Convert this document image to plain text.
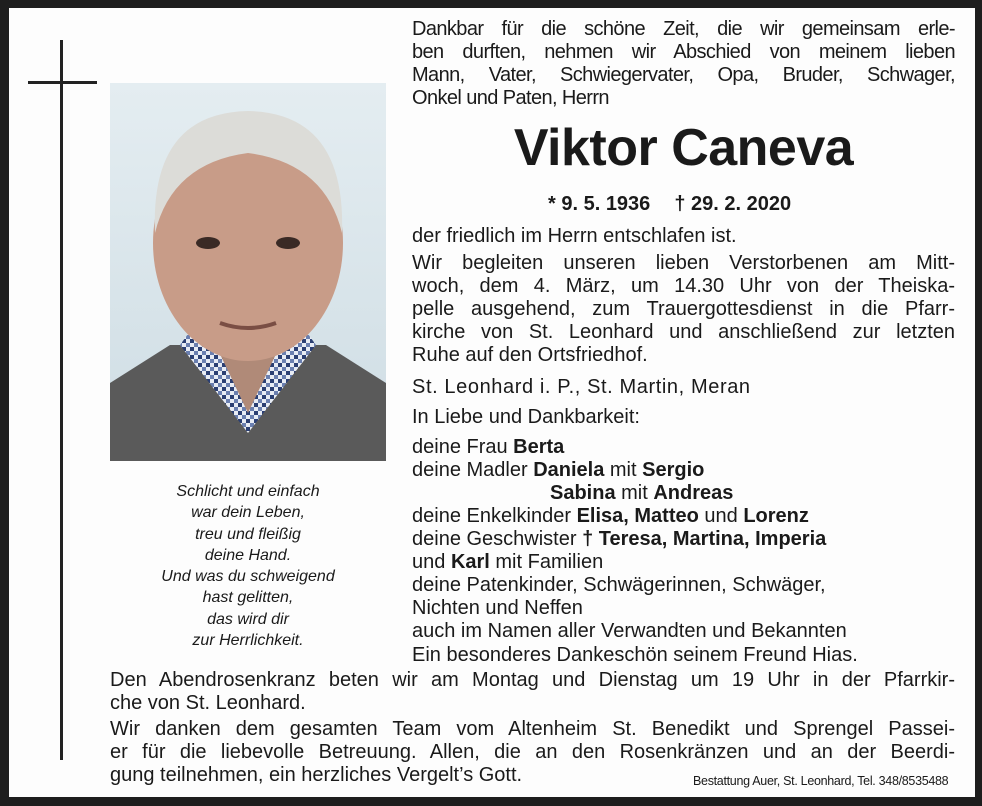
Dankbar für die schöne Zeit, die wir gemeinsam erle-
ben durften, nehmen wir Abschied von meinem lieben
Mann, Vater, Schwiegervater, Opa, Bruder, Schwager,
Onkel und Paten, Herrn
Viktor Caneva
* 9. 5. 1936 † 29. 2. 2020
der friedlich im Herrn entschlafen ist.
Wir begleiten unseren lieben Verstorbenen am Mitt-
woch, dem 4. März, um 14.30 Uhr von der Theiska-
pelle ausgehend, zum Trauergottesdienst in die Pfarr-
kirche von St. Leonhard und anschließend zur letzten
Ruhe auf den Ortsfriedhof.
St. Leonhard i. P., St. Martin, Meran
In Liebe und Dankbarkeit:
deine Frau Berta
deine Madler Daniela mit Sergio
Sabina mit Andreas
deine Enkelkinder Elisa, Matteo und Lorenz
deine Geschwister † Teresa, Martina, Imperia
und Karl mit Familien
deine Patenkinder, Schwägerinnen, Schwäger,
Nichten und Neffen
auch im Namen aller Verwandten und Bekannten
Ein besonderes Dankeschön seinem Freund Hias.
Schlicht und einfach
war dein Leben,
treu und fleißig
deine Hand.
Und was du schweigend
hast gelitten,
das wird dir
zur Herrlichkeit.
Den Abendrosenkranz beten wir am Montag und Dienstag um 19 Uhr in der Pfarrkir-
che von St. Leonhard.
Wir danken dem gesamten Team vom Altenheim St. Benedikt und Sprengel Passei-
er für die liebevolle Betreuung. Allen, die an den Rosenkränzen und an der Beerdi-
gung teilnehmen, ein herzliches Vergelt’s Gott.	Bestattung Auer, St. Leonhard, Tel. 348/8535488
